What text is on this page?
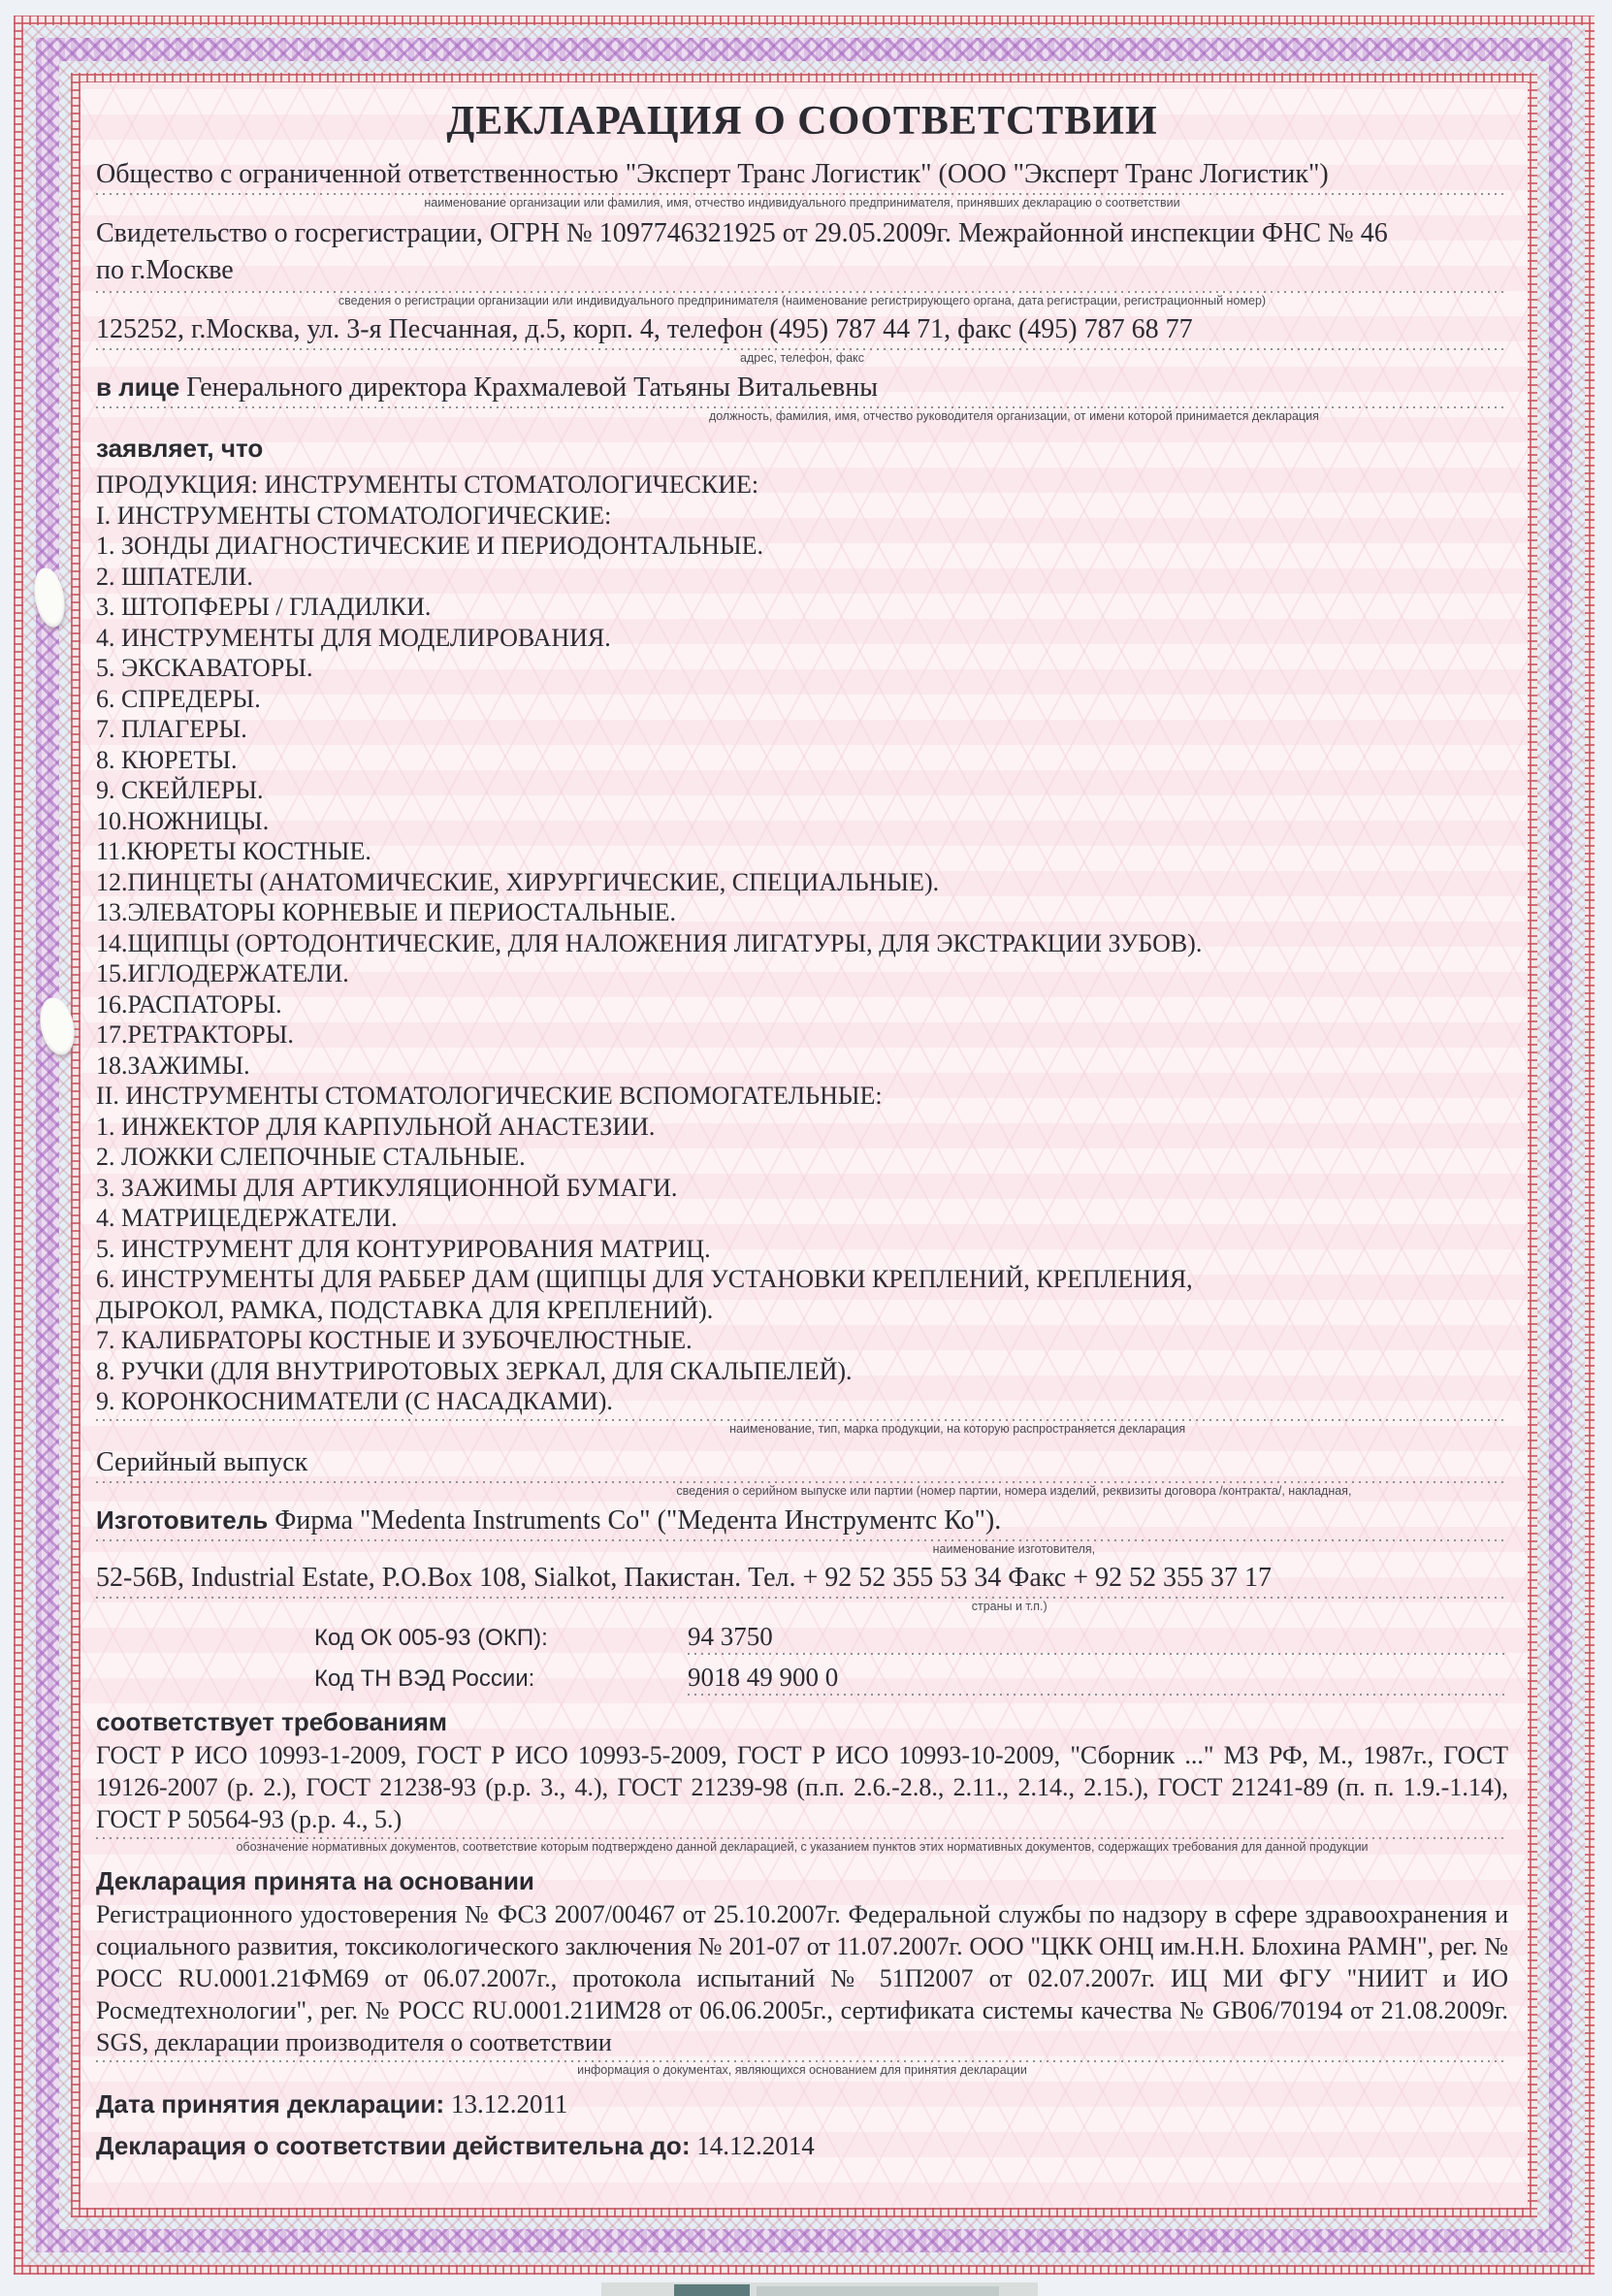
ДЕКЛАРАЦИЯ О СООТВЕТСТВИИ
Общество с ограниченной ответственностью "Эксперт Транс Логистик" (ООО "Эксперт Транс Логистик")
наименование организации или фамилия, имя, отчество индивидуального предпринимателя, принявших декларацию о соответствии
Свидетельство о госрегистрации, ОГРН № 1097746321925 от 29.05.2009г. Межрайонной инспекции ФНС № 46 по г.Москве
сведения о регистрации организации или индивидуального предпринимателя (наименование регистрирующего органа, дата регистрации, регистрационный номер)
125252, г.Москва, ул. 3-я Песчанная, д.5, корп. 4, телефон (495) 787 44 71, факс (495) 787 68 77
адрес, телефон, факс
в лице Генерального директора Крахмалевой Татьяны Витальевны
должность, фамилия, имя, отчество руководителя организации, от имени которой принимается декларация
заявляет, что
ПРОДУКЦИЯ: ИНСТРУМЕНТЫ СТОМАТОЛОГИЧЕСКИЕ:
I. ИНСТРУМЕНТЫ СТОМАТОЛОГИЧЕСКИЕ:
1. ЗОНДЫ ДИАГНОСТИЧЕСКИЕ И ПЕРИОДОНТАЛЬНЫЕ.
2. ШПАТЕЛИ.
3. ШТОПФЕРЫ / ГЛАДИЛКИ.
4. ИНСТРУМЕНТЫ ДЛЯ МОДЕЛИРОВАНИЯ.
5. ЭКСКАВАТОРЫ.
6. СПРЕДЕРЫ.
7. ПЛАГЕРЫ.
8. КЮРЕТЫ.
9. СКЕЙЛЕРЫ.
10.НОЖНИЦЫ.
11.КЮРЕТЫ КОСТНЫЕ.
12.ПИНЦЕТЫ (АНАТОМИЧЕСКИЕ, ХИРУРГИЧЕСКИЕ, СПЕЦИАЛЬНЫЕ).
13.ЭЛЕВАТОРЫ КОРНЕВЫЕ И ПЕРИОСТАЛЬНЫЕ.
14.ЩИПЦЫ (ОРТОДОНТИЧЕСКИЕ, ДЛЯ НАЛОЖЕНИЯ ЛИГАТУРЫ, ДЛЯ ЭКСТРАКЦИИ ЗУБОВ).
15.ИГЛОДЕРЖАТЕЛИ.
16.РАСПАТОРЫ.
17.РЕТРАКТОРЫ.
18.ЗАЖИМЫ.
II. ИНСТРУМЕНТЫ СТОМАТОЛОГИЧЕСКИЕ ВСПОМОГАТЕЛЬНЫЕ:
1. ИНЖЕКТОР ДЛЯ КАРПУЛЬНОЙ АНАСТЕЗИИ.
2. ЛОЖКИ СЛЕПОЧНЫЕ СТАЛЬНЫЕ.
3. ЗАЖИМЫ ДЛЯ АРТИКУЛЯЦИОННОЙ БУМАГИ.
4. МАТРИЦЕДЕРЖАТЕЛИ.
5. ИНСТРУМЕНТ ДЛЯ КОНТУРИРОВАНИЯ МАТРИЦ.
6. ИНСТРУМЕНТЫ ДЛЯ РАББЕР ДАМ (ЩИПЦЫ ДЛЯ УСТАНОВКИ КРЕПЛЕНИЙ, КРЕПЛЕНИЯ, ДЫРОКОЛ, РАМКА, ПОДСТАВКА ДЛЯ КРЕПЛЕНИЙ).
7. КАЛИБРАТОРЫ КОСТНЫЕ И ЗУБОЧЕЛЮСТНЫЕ.
8. РУЧКИ (ДЛЯ ВНУТРИРОТОВЫХ ЗЕРКАЛ, ДЛЯ СКАЛЬПЕЛЕЙ).
9. КОРОНКОСНИМАТЕЛИ (С НАСАДКАМИ).
наименование, тип, марка продукции, на которую распространяется декларация
Серийный выпуск
сведения о серийном выпуске или партии (номер партии, номера изделий, реквизиты договора /контракта/, накладная,
Изготовитель Фирма "Medenta Instruments Co" ("Медента Инструментс Ко").
наименование изготовителя,
52-56B, Industrial Estate, P.O.Box 108, Sialkot, Пакистан. Тел. + 92 52 355 53 34 Факс + 92 52 355 37 17
страны и т.п.)
Код ОК 005-93 (ОКП):	94 3750
Код ТН ВЭД России:	9018 49 900 0
соответствует требованиям

ГОСТ Р ИСО 10993-1-2009, ГОСТ Р ИСО 10993-5-2009, ГОСТ Р ИСО 10993-10-2009, "Сборник ..." МЗ РФ, М., 1987г., ГОСТ 19126-2007 (р. 2.), ГОСТ 21238-93 (р.р. 3., 4.), ГОСТ 21239-98 (п.п. 2.6.-2.8., 2.11., 2.14., 2.15.), ГОСТ 21241-89 (п. п. 1.9.-1.14), ГОСТ Р 50564-93 (р.р. 4., 5.)

обозначение нормативных документов, соответствие которым подтверждено данной декларацией, с указанием пунктов этих нормативных документов, содержащих требования для данной продукции
Декларация принята на основании

Регистрационного удостоверения № ФСЗ 2007/00467 от 25.10.2007г. Федеральной службы по надзору в сфере здравоохранения и социального развития, токсикологического заключения № 201-07 от 11.07.2007г. ООО "ЦКК ОНЦ им.Н.Н. Блохина РАМН", рег. № РОСС RU.0001.21ФМ69 от 06.07.2007г., протокола испытаний № 51П2007 от 02.07.2007г. ИЦ МИ ФГУ "НИИТ и ИО Росмедтехнологии", рег. № РОСС RU.0001.21ИМ28 от 06.06.2005г., сертификата системы качества № GB06/70194 от 21.08.2009г. SGS, декларации производителя о соответствии

информация о документах, являющихся основанием для принятия декларации
Дата принятия декларации: 13.12.2011
Декларация о соответствии действительна до: 14.12.2014
